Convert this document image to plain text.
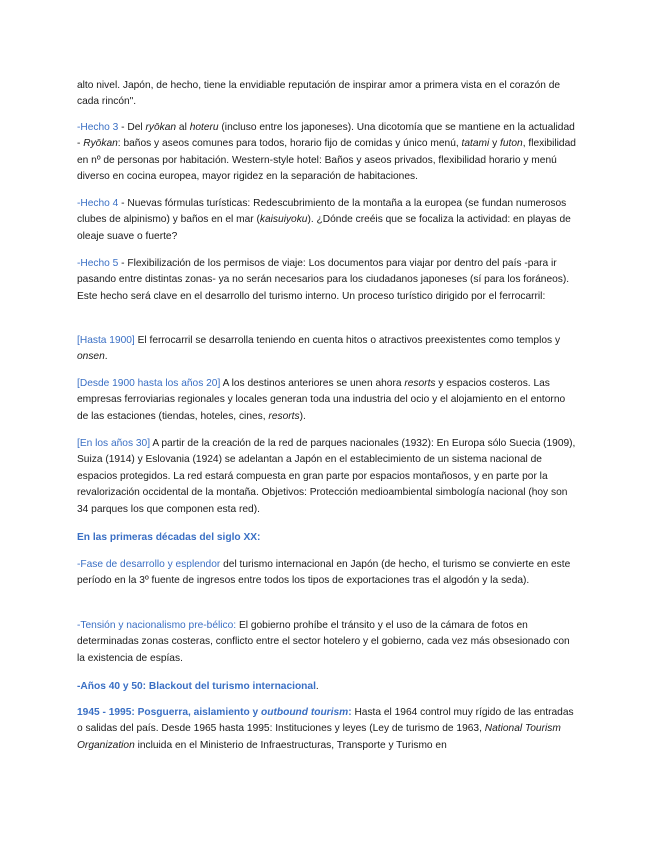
alto nivel. Japón, de hecho, tiene la envidiable reputación de inspirar amor a primera vista en el corazón de cada rincón".

-Hecho 3 - Del ryōkan al hoteru (incluso entre los japoneses). Una dicotomía que se mantiene en la actualidad - Ryōkan: baños y aseos comunes para todos, horario fijo de comidas y único menú, tatami y futon, flexibilidad en nº de personas por habitación. Western-style hotel: Baños y aseos privados, flexibilidad horario y menú diverso en cocina europea, mayor rigidez en la separación de habitaciones.

-Hecho 4 - Nuevas fórmulas turísticas: Redescubrimiento de la montaña a la europea (se fundan numerosos clubes de alpinismo) y baños en el mar (kaisuiyoku). ¿Dónde creéis que se focaliza la actividad: en playas de oleaje suave o fuerte?

-Hecho 5 - Flexibilización de los permisos de viaje: Los documentos para viajar por dentro del país -para ir pasando entre distintas zonas- ya no serán necesarios para los ciudadanos japoneses (sí para los foráneos). Este hecho será clave en el desarrollo del turismo interno. Un proceso turístico dirigido por el ferrocarril:

[Hasta 1900] El ferrocarril se desarrolla teniendo en cuenta hitos o atractivos preexistentes como templos y onsen.

[Desde 1900 hasta los años 20] A los destinos anteriores se unen ahora resorts y espacios costeros. Las empresas ferroviarias regionales y locales generan toda una industria del ocio y el alojamiento en el entorno de las estaciones (tiendas, hoteles, cines, resorts).

[En los años 30] A partir de la creación de la red de parques nacionales (1932): En Europa sólo Suecia (1909), Suiza (1914) y Eslovania (1924) se adelantan a Japón en el establecimiento de un sistema nacional de espacios protegidos. La red estará compuesta en gran parte por espacios montañosos, y en parte por la revalorización occidental de la montaña. Objetivos: Protección medioambiental simbología nacional (hoy son 34 parques los que componen esta red).

En las primeras décadas del siglo XX:

-Fase de desarrollo y esplendor del turismo internacional en Japón (de hecho, el turismo se convierte en este período en la 3º fuente de ingresos entre todos los tipos de exportaciones tras el algodón y la seda).

-Tensión y nacionalismo pre-bélico: El gobierno prohíbe el tránsito y el uso de la cámara de fotos en determinadas zonas costeras, conflicto entre el sector hotelero y el gobierno, cada vez más obsesionado con la existencia de espías.

-Años 40 y 50: Blackout del turismo internacional.

1945 - 1995: Posguerra, aislamiento y outbound tourism: Hasta el 1964 control muy rígido de las entradas o salidas del país. Desde 1965 hasta 1995: Instituciones y leyes (Ley de turismo de 1963, National Tourism Organization incluida en el Ministerio de Infraestructuras, Transporte y Turismo en
